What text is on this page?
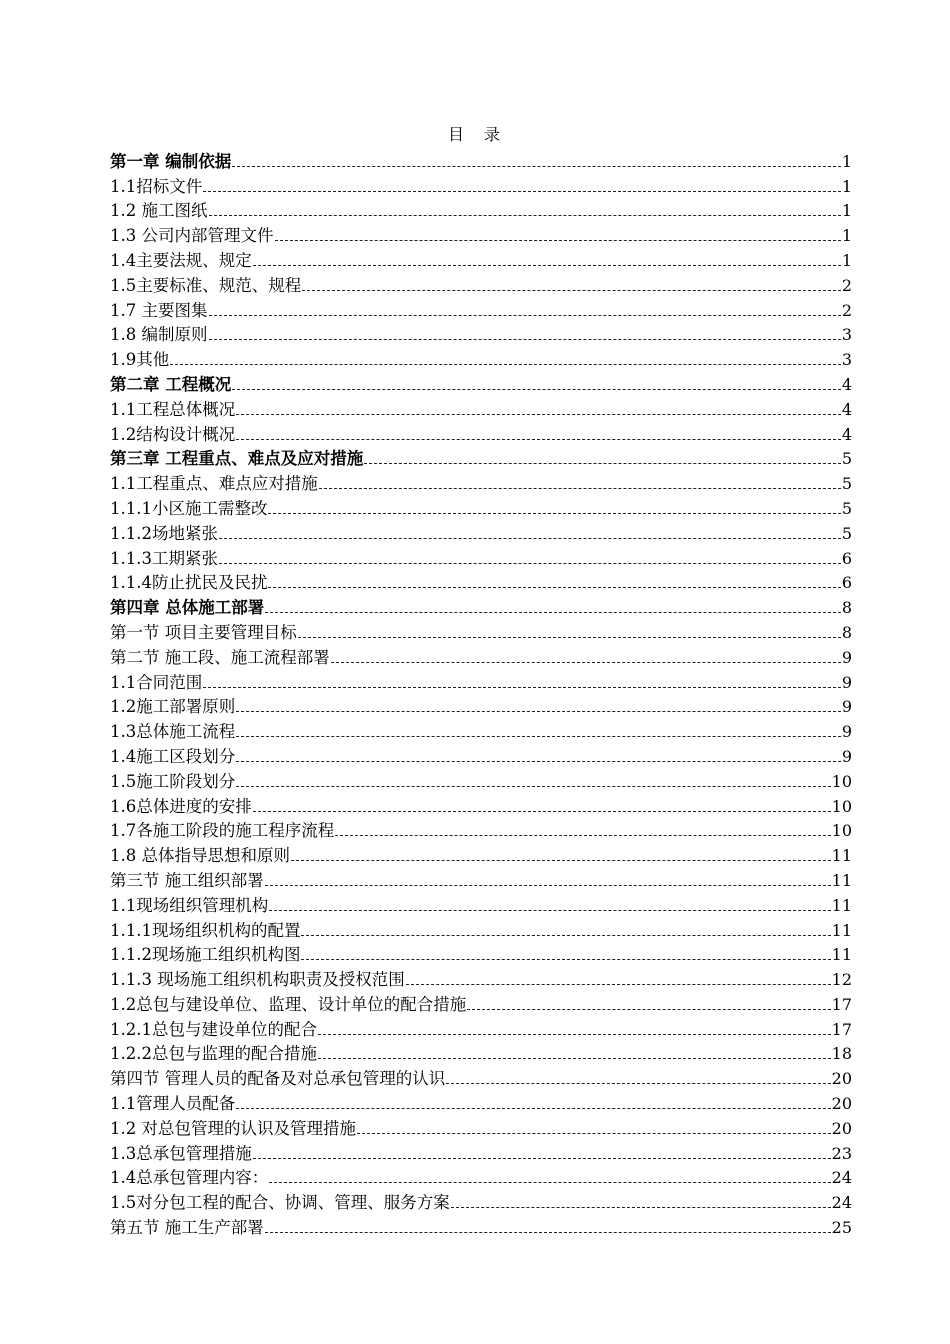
目　录
第一章 编制依据	1
1.1招标文件	1
1.2 施工图纸	1
1.3 公司内部管理文件	1
1.4主要法规、规定	1
1.5主要标准、规范、规程	2
1.7 主要图集	2
1.8 编制原则	3
1.9其他	3
第二章 工程概况	4
1.1工程总体概况	4
1.2结构设计概况	4
第三章 工程重点、难点及应对措施	5
1.1工程重点、难点应对措施	5
1.1.1小区施工需整改	5
1.1.2场地紧张	5
1.1.3工期紧张	6
1.1.4防止扰民及民扰	6
第四章 总体施工部署	8
第一节 项目主要管理目标	8
第二节 施工段、施工流程部署	9
1.1合同范围	9
1.2施工部署原则	9
1.3总体施工流程	9
1.4施工区段划分	9
1.5施工阶段划分	10
1.6总体进度的安排	10
1.7各施工阶段的施工程序流程	10
1.8 总体指导思想和原则	11
第三节 施工组织部署	11
1.1现场组织管理机构	11
1.1.1现场组织机构的配置	11
1.1.2现场施工组织机构图	11
1.1.3 现场施工组织机构职责及授权范围	12
1.2总包与建设单位、监理、设计单位的配合措施	17
1.2.1总包与建设单位的配合	17
1.2.2总包与监理的配合措施	18
第四节 管理人员的配备及对总承包管理的认识	20
1.1管理人员配备	20
1.2 对总包管理的认识及管理措施	20
1.3总承包管理措施	23
1.4总承包管理内容：	24
1.5对分包工程的配合、协调、管理、服务方案	24
第五节 施工生产部署	25
